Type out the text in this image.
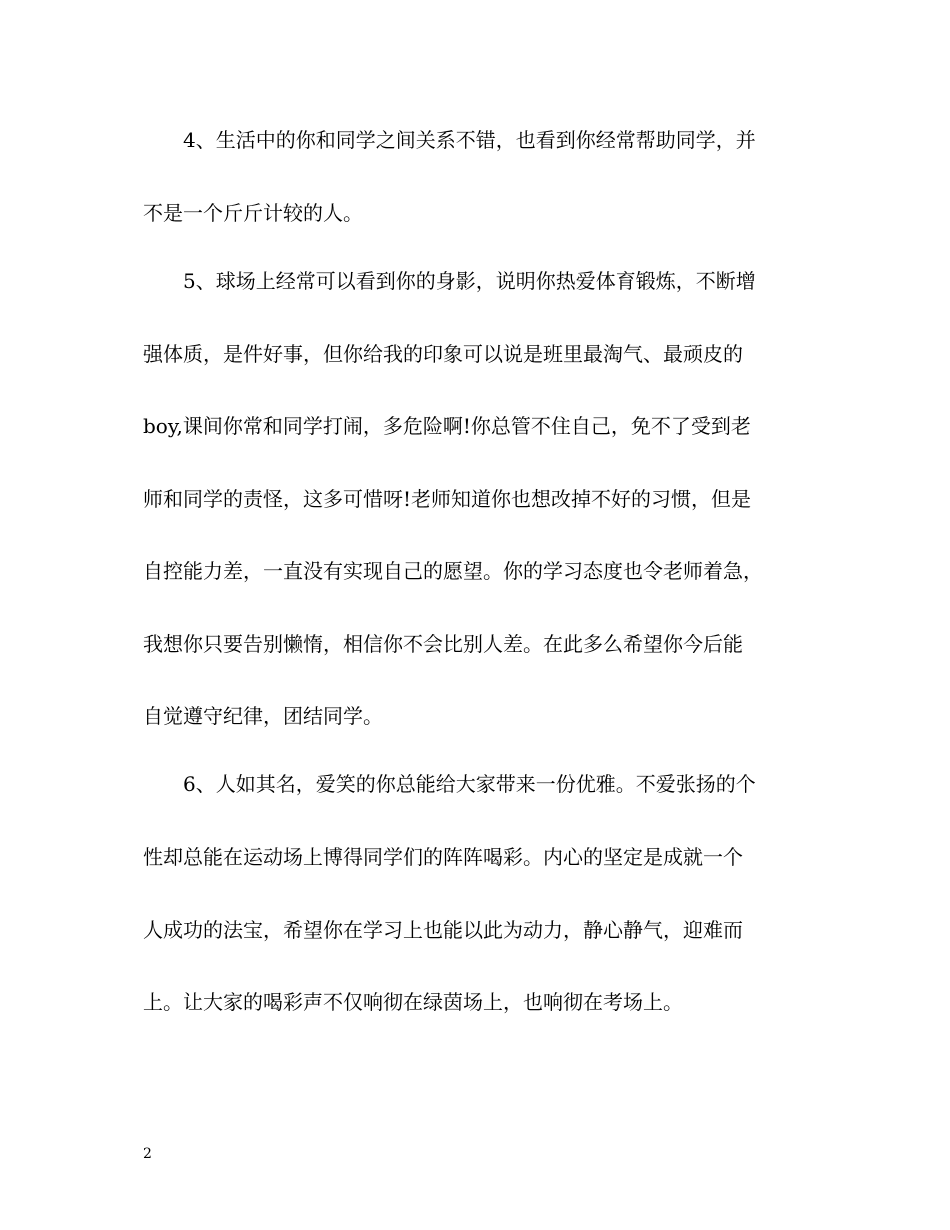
4、生活中的你和同学之间关系不错，也看到你经常帮助同学，并
不是一个斤斤计较的人。
5、球场上经常可以看到你的身影，说明你热爱体育锻炼，不断增
强体质，是件好事，但你给我的印象可以说是班里最淘气、最顽皮的
boy,课间你常和同学打闹，多危险啊!你总管不住自己，免不了受到老
师和同学的责怪，这多可惜呀!老师知道你也想改掉不好的习惯，但是
自控能力差，一直没有实现自己的愿望。你的学习态度也令老师着急，
我想你只要告别懒惰，相信你不会比别人差。在此多么希望你今后能
自觉遵守纪律，团结同学。
6、人如其名，爱笑的你总能给大家带来一份优雅。不爱张扬的个
性却总能在运动场上博得同学们的阵阵喝彩。内心的坚定是成就一个
人成功的法宝，希望你在学习上也能以此为动力，静心静气，迎难而
上。让大家的喝彩声不仅响彻在绿茵场上，也响彻在考场上。
2
